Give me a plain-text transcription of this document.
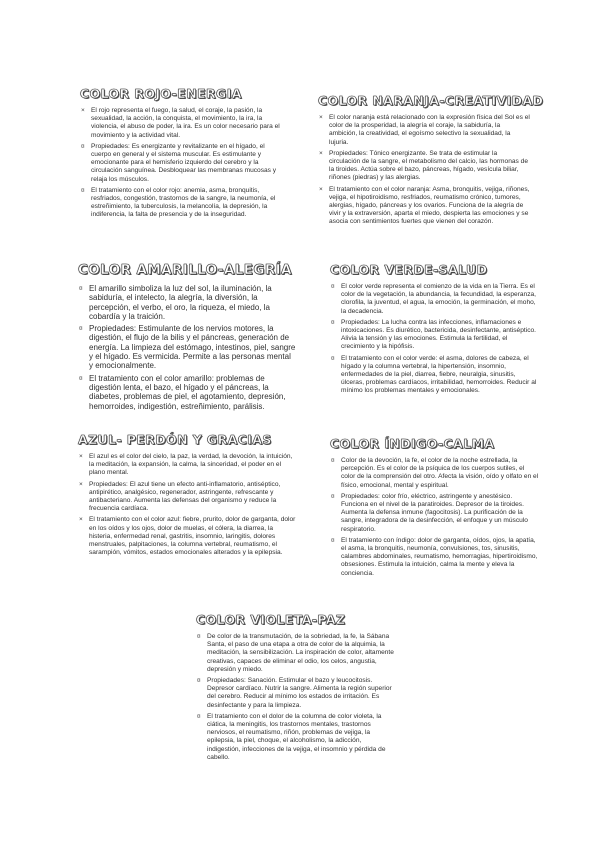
COLOR ROJO-ENERGIA
× El rojo representa el fuego, la salud, el coraje, la pasión, la sexualidad, la acción, la conquista, el movimiento, la ira, la violencia, el abuso de poder, la ira. Es un color necesario para el movimiento y la actividad vital.
¤ Propiedades: Es energizante y revitalizante en el hígado, el cuerpo en general y el sistema muscular. Es estimulante y emocionante para el hemisferio izquierdo del cerebro y la circulación sanguínea. Desbloquear las membranas mucosas y relaja los músculos.
¤ El tratamiento con el color rojo: anemia, asma, bronquitis, resfriados, congestión, trastornos de la sangre, la neumonía, el estreñimiento, la tuberculosis, la melancolía, la depresión, la indiferencia, la falta de presencia y de la inseguridad.
COLOR NARANJA-CREATIVIDAD
× El color naranja está relacionado con la expresión física del Sol es el color de la prosperidad, la alegría el coraje, la sabiduría, la ambición, la creatividad, el egoísmo selectivo la sexualidad, la lujuria.
× Propiedades: Tónico energizante. Se trata de estimular la circulación de la sangre, el metabolismo del calcio, las hormonas de la tiroides. Actúa sobre el bazo, páncreas, hígado, vesícula biliar, riñones (piedras) y las alergias.
× El tratamiento con el color naranja: Asma, bronquitis, vejiga, riñones, vejiga, el hipotiroidismo, resfriados, reumatismo crónico, tumores, alergias, hígado, páncreas y los ovarios. Funciona de la alegría de vivir y la extraversión, aparta el miedo, despierta las emociones y se asocia con sentimientos fuertes que vienen del corazón.
COLOR AMARILLO-ALEGRÍA
¤ El amarillo simboliza la luz del sol, la iluminación, la sabiduría, el intelecto, la alegría, la diversión, la percepción, el verbo, el oro, la riqueza, el miedo, la cobardía y la traición.
¤ Propiedades: Estimulante de los nervios motores, la digestión, el flujo de la bilis y el páncreas, generación de energía. La limpieza del estómago, intestinos, piel, sangre y el hígado. Es vermicida. Permite a las personas mental y emocionalmente.
¤ El tratamiento con el color amarillo: problemas de digestión lenta, el bazo, el hígado y el páncreas, la diabetes, problemas de piel, el agotamiento, depresión, hemorroides, indigestión, estreñimiento, parálisis.
COLOR VERDE-SALUD
¤ El color verde representa el comienzo de la vida en la Tierra. Es el color de la vegetación, la abundancia, la fecundidad, la esperanza, clorofila, la juventud, el agua, la emoción, la germinación, el moho, la decadencia.
¤ Propiedades: La lucha contra las infecciones, inflamaciones e intoxicaciones. Es diurético, bactericida, desinfectante, antiséptico. Alivia la tensión y las emociones. Estimula la fertilidad, el crecimiento y la hipófisis.
¤ El tratamiento con el color verde: el asma, dolores de cabeza, el hígado y la columna vertebral, la hipertensión, insomnio, enfermedades de la piel, diarrea, fiebre, neuralgia, sinusitis, úlceras, problemas cardíacos, irritabilidad, hemorroides. Reducir al mínimo los problemas mentales y emocionales.
AZUL- PERDÓN Y GRACIAS
× El azul es el color del cielo, la paz, la verdad, la devoción, la intuición, la meditación, la expansión, la calma, la sinceridad, el poder en el plano mental.
× Propiedades: El azul tiene un efecto anti-inflamatorio, antiséptico, antipirético, analgésico, regenerador, astringente, refrescante y antibacteriano. Aumenta las defensas del organismo y reduce la frecuencia cardíaca.
× El tratamiento con el color azul: fiebre, prurito, dolor de garganta, dolor en los oídos y los ojos, dolor de muelas, el cólera, la diarrea, la histeria, enfermedad renal, gastritis, insomnio, laringitis, dolores menstruales, palpitaciones, la columna vertebral, reumatismo, el sarampión, vómitos, estados emocionales alterados y la epilepsia.
COLOR ÍNDIGO-CALMA
¤ Color de la devoción, la fe, el color de la noche estrellada, la percepción. Es el color de la psíquica de los cuerpos sutiles, el color de la comprensión del otro. Afecta la visión, oído y olfato en el físico, emocional, mental y espiritual.
¤ Propiedades: color frío, eléctrico, astringente y anestésico. Funciona en el nivel de la paratiroides. Depresor de la tiroides. Aumenta la defensa inmune (fagocitosis). La purificación de la sangre, integradora de la desinfección, el enfoque y un músculo respiratorio.
¤ El tratamiento con índigo: dolor de garganta, oídos, ojos, la apatía, el asma, la bronquitis, neumonía, convulsiones, tos, sinusitis, calambres abdominales, reumatismo, hemorragias, hipertiroidismo, obsesiones. Estimula la intuición, calma la mente y eleva la conciencia.
COLOR VIOLETA-PAZ
¤ De color de la transmutación, de la sobriedad, la fe, la Sábana Santa, el paso de una etapa a otra de color de la alquimia, la meditación, la sensibilización. La inspiración de color, altamente creativas, capaces de eliminar el odio, los celos, angustia, depresión y miedo.
¤ Propiedades: Sanación. Estimular el bazo y leucocitosis. Depresor cardíaco. Nutrir la sangre. Alimenta la región superior del cerebro. Reducir al mínimo los estados de irritación. Es desinfectante y para la limpieza.
¤ El tratamiento con el dolor de la columna de color violeta, la ciática, la meningitis, los trastornos mentales, trastornos nerviosos, el reumatismo, riñón, problemas de vejiga, la epilepsia, la piel, choque, el alcoholismo, la adicción, indigestión, infecciones de la vejiga, el insomnio y pérdida de cabello.
